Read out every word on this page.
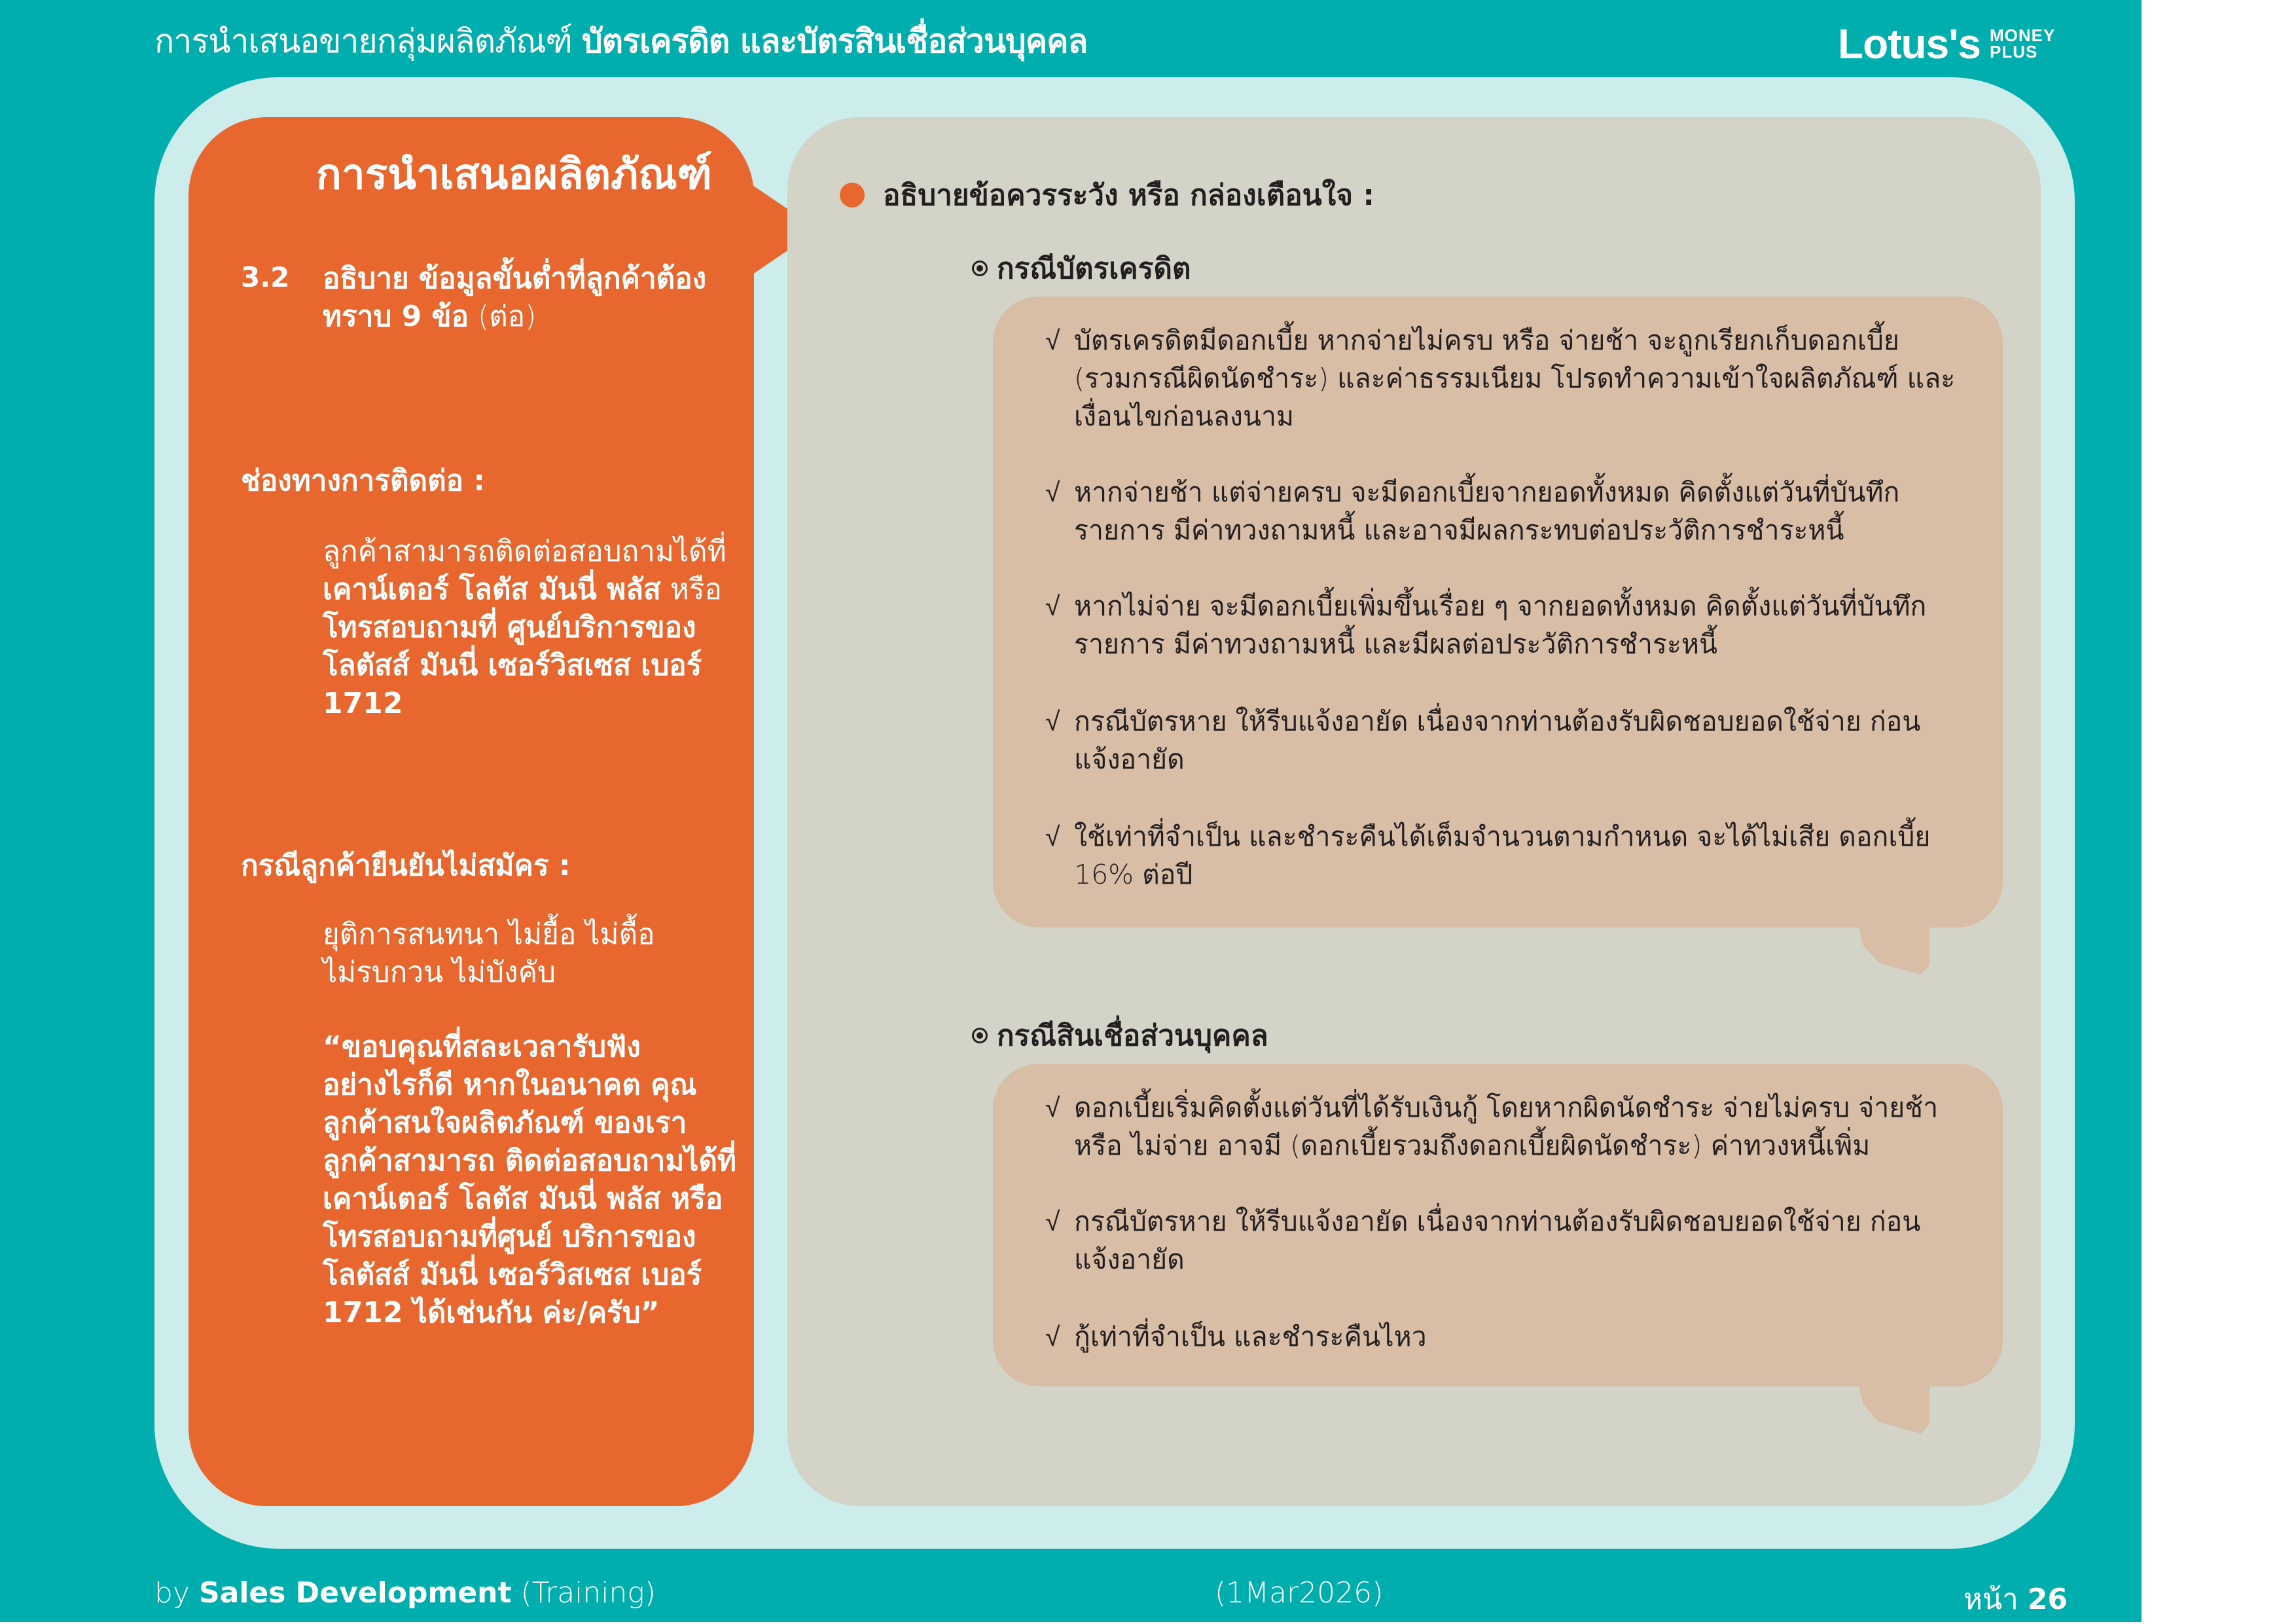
การนำเสนอขายกลุ่มผลิตภัณฑ์ บัตรเครดิต และบัตรสินเชื่อส่วนบุคคล	Lotus's MONEY
PLUS
การนำเสนอผลิตภัณฑ์
3.2 อธิบาย ข้อมูลขั้นต่ำที่ลูกค้าต้องทราบ 9 ข้อ (ต่อ)
ช่องทางการติดต่อ :
ลูกค้าสามารถติดต่อสอบถามได้ที่ เคาน์เตอร์ โลตัส มันนี่ พลัส หรือ โทรสอบถามที่ ศูนย์บริการของ โลตัสส์ มันนี่ เซอร์วิสเซส เบอร์ 1712
กรณีลูกค้ายืนยันไม่สมัคร :
ยุติการสนทนา ไม่ยื้อ ไม่ตื้อ ไม่รบกวน ไม่บังคับ
“ขอบคุณที่สละเวลารับฟัง อย่างไรก็ดี หากในอนาคต คุณลูกค้าสนใจผลิตภัณฑ์ ของเรา ลูกค้าสามารถ ติดต่อสอบถามได้ที่ เคาน์เตอร์ โลตัส มันนี่ พลัส หรือ โทรสอบถามที่ศูนย์ บริการของ โลตัสส์ มันนี่ เซอร์วิสเซส เบอร์ 1712 ได้เช่นกัน ค่ะ/ครับ”
อธิบายข้อควรระวัง หรือ กล่องเตือนใจ :
กรณีบัตรเครดิต
√ บัตรเครดิตมีดอกเบี้ย หากจ่ายไม่ครบ หรือ จ่ายช้า จะถูกเรียกเก็บดอกเบี้ย (รวมกรณีผิดนัดชำระ) และค่าธรรมเนียม โปรดทำความเข้าใจผลิตภัณฑ์ และเงื่อนไขก่อนลงนาม
√ หากจ่ายช้า แต่จ่ายครบ จะมีดอกเบี้ยจากยอดทั้งหมด คิดตั้งแต่วันที่บันทึก รายการ มีค่าทวงถามหนี้ และอาจมีผลกระทบต่อประวัติการชำระหนี้
√ หากไม่จ่าย จะมีดอกเบี้ยเพิ่มขึ้นเรื่อย ๆ จากยอดทั้งหมด คิดตั้งแต่วันที่บันทึก รายการ มีค่าทวงถามหนี้ และมีผลต่อประวัติการชำระหนี้
√ กรณีบัตรหาย ให้รีบแจ้งอายัด เนื่องจากท่านต้องรับผิดชอบยอดใช้จ่าย ก่อนแจ้งอายัด
√ ใช้เท่าที่จำเป็น และชำระคืนได้เต็มจำนวนตามกำหนด จะได้ไม่เสีย ดอกเบี้ย 16% ต่อปี
กรณีสินเชื่อส่วนบุคคล
√ ดอกเบี้ยเริ่มคิดตั้งแต่วันที่ได้รับเงินกู้ โดยหากผิดนัดชำระ จ่ายไม่ครบ จ่ายช้า หรือ ไม่จ่าย อาจมี (ดอกเบี้ยรวมถึงดอกเบี้ยผิดนัดชำระ) ค่าทวงหนี้เพิ่ม
√ กรณีบัตรหาย ให้รีบแจ้งอายัด เนื่องจากท่านต้องรับผิดชอบยอดใช้จ่าย ก่อนแจ้งอายัด
√ กู้เท่าที่จำเป็น และชำระคืนไหว
by Sales Development (Training)	(1Mar2026)	หน้า 26
